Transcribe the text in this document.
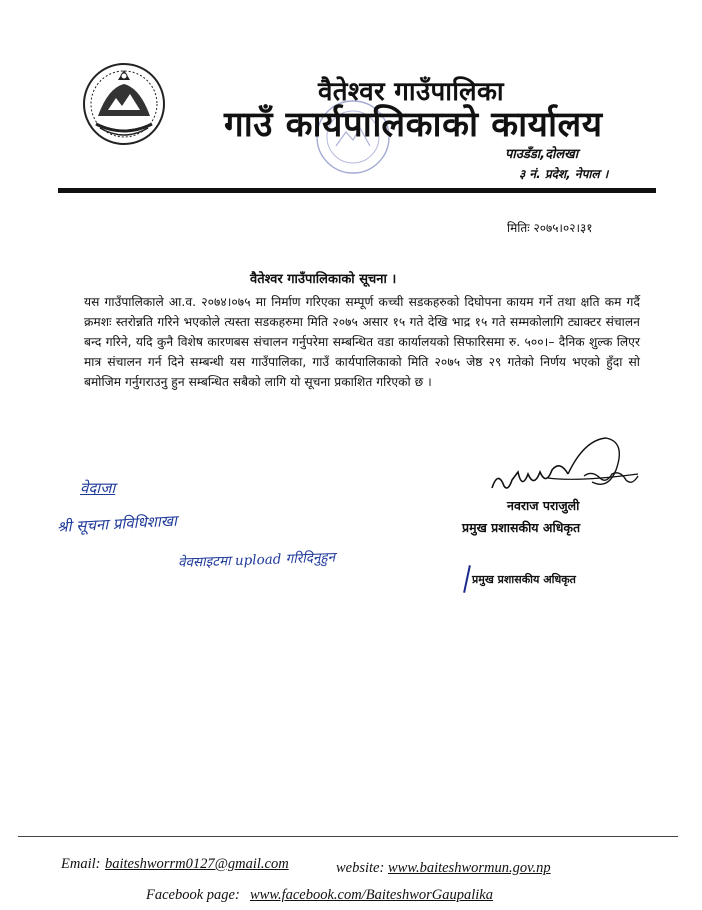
वैतेश्वर गाउँपालिका
गाउँ कार्यपालिकाको कार्यालय
पाउडँडा,दोलखा
३ नं. प्रदेश, नेपाल ।
मितिः २०७५।०२।३१
वैतेश्वर गाउँपालिकाको सूचना ।
यस गाउँपालिकाले आ.व. २०७४।०७५ मा निर्माण गरिएका सम्पूर्ण कच्ची सडकहरुको दिघोपना कायम गर्ने तथा क्षति कम गर्दै क्रमशः स्तरोन्नति गरिने भएकोले त्यस्ता सडकहरुमा मिति २०७५ असार १५ गते देखि भाद्र १५ गते सम्मकोलागि ट्याक्टर संचालन बन्द गरिने, यदि कुनै विशेष कारणबस संचालन गर्नुपरेमा सम्बन्धित वडा कार्यालयको सिफारिसमा रु. ५००।– दैनिक शुल्क लिएर मात्र संचालन गर्न दिने सम्बन्धी यस गाउँपालिका, गाउँ कार्यपालिकाको मिति २०७५ जेष्ठ २९ गतेको निर्णय भएको हुँदा सो बमोजिम गर्नुगराउनु हुन सम्बन्धित सबैको लागि यो सूचना प्रकाशित गरिएको छ ।
नवराज पराजुली
प्रमुख प्रशासकीय अधिकृत
प्रमुख प्रशासकीय अधिकृत
वेदाजा
श्री सूचना प्रविधिशाखा
वेवसाइटमा upload गरिदिनुहुन
Email: baiteshworrm0127@gmail.com	website: www.baiteshwormun.gov.np
Facebook page: www.facebook.com/BaiteshworGaupalika
